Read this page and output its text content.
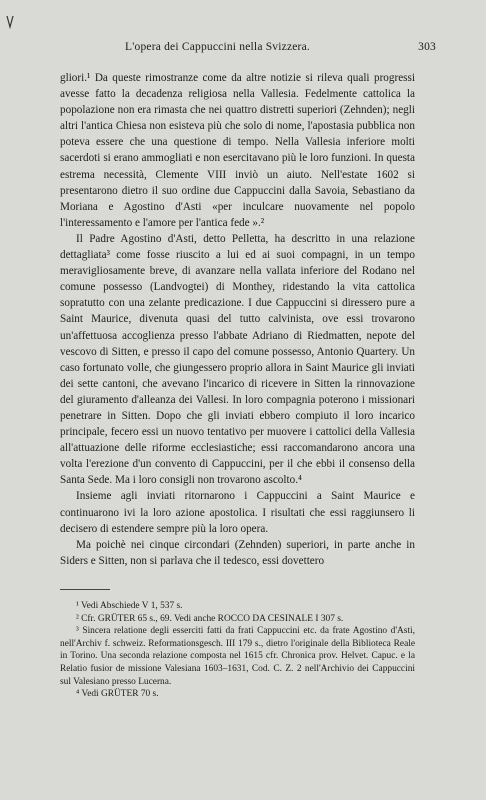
L'opera dei Cappuccini nella Svizzera.	303

gliori.¹ Da queste rimostranze come da altre notizie si rileva quali progressi avesse fatto la decadenza religiosa nella Vallesia. Fedelmente cattolica la popolazione non era rimasta che nei quattro distretti superiori (Zehnden); negli altri l'antica Chiesa non esisteva più che solo di nome, l'apostasia pubblica non poteva essere che una questione di tempo. Nella Vallesia inferiore molti sacerdoti si erano ammogliati e non esercitavano più le loro funzioni. In questa estrema necessità, Clemente VIII inviò un aiuto. Nell'estate 1602 si presentarono dietro il suo ordine due Cappuccini dalla Savoia, Sebastiano da Moriana e Agostino d'Asti «per inculcare nuovamente nel popolo l'interessamento e l'amore per l'antica fede ».²

Il Padre Agostino d'Asti, detto Pelletta, ha descritto in una relazione dettagliata³ come fosse riuscito a lui ed ai suoi compagni, in un tempo meravigliosamente breve, di avanzare nella vallata inferiore del Rodano nel comune possesso (Landvogtei) di Monthey, ridestando la vita cattolica sopratutto con una zelante predicazione. I due Cappuccini si diressero pure a Saint Maurice, divenuta quasi del tutto calvinista, ove essi trovarono un'affettuosa accoglienza presso l'abbate Adriano di Riedmatten, nepote del vescovo di Sitten, e presso il capo del comune possesso, Antonio Quartery. Un caso fortunato volle, che giungessero proprio allora in Saint Maurice gli inviati dei sette cantoni, che avevano l'incarico di ricevere in Sitten la rinnovazione del giuramento d'alleanza dei Vallesi. In loro compagnia poterono i missionari penetrare in Sitten. Dopo che gli inviati ebbero compiuto il loro incarico principale, fecero essi un nuovo tentativo per muovere i cattolici della Vallesia all'attuazione delle riforme ecclesiastiche; essi raccomandarono ancora una volta l'erezione d'un convento di Cappuccini, per il che ebbi il consenso della Santa Sede. Ma i loro consigli non trovarono ascolto.⁴

Insieme agli inviati ritornarono i Cappuccini a Saint Maurice e continuarono ivi la loro azione apostolica. I risultati che essi raggiunsero li decisero di estendere sempre più la loro opera.

Ma poichè nei cinque circondari (Zehnden) superiori, in parte anche in Siders e Sitten, non si parlava che il tedesco, essi dovettero

¹ Vedi Abschiede V 1, 537 s.

² Cfr. GRÜTER 65 s., 69. Vedi anche ROCCO DA CESINALE I 307 s.

³ Sincera relatione degli esserciti fatti da frati Cappuccini etc. da frate Agostino d'Asti, nell'Archiv f. schweiz. Reformationsgesch. III 179 s., dietro l'originale della Biblioteca Reale in Torino. Una seconda relazione composta nel 1615 cfr. Chronica prov. Helvet. Capuc. e la Relatio fusior de missione Valesiana 1603–1631, Cod. C. Z. 2 nell'Archivio dei Cappuccini sul Valesiano presso Lucerna.

⁴ Vedi GRÜTER 70 s.
